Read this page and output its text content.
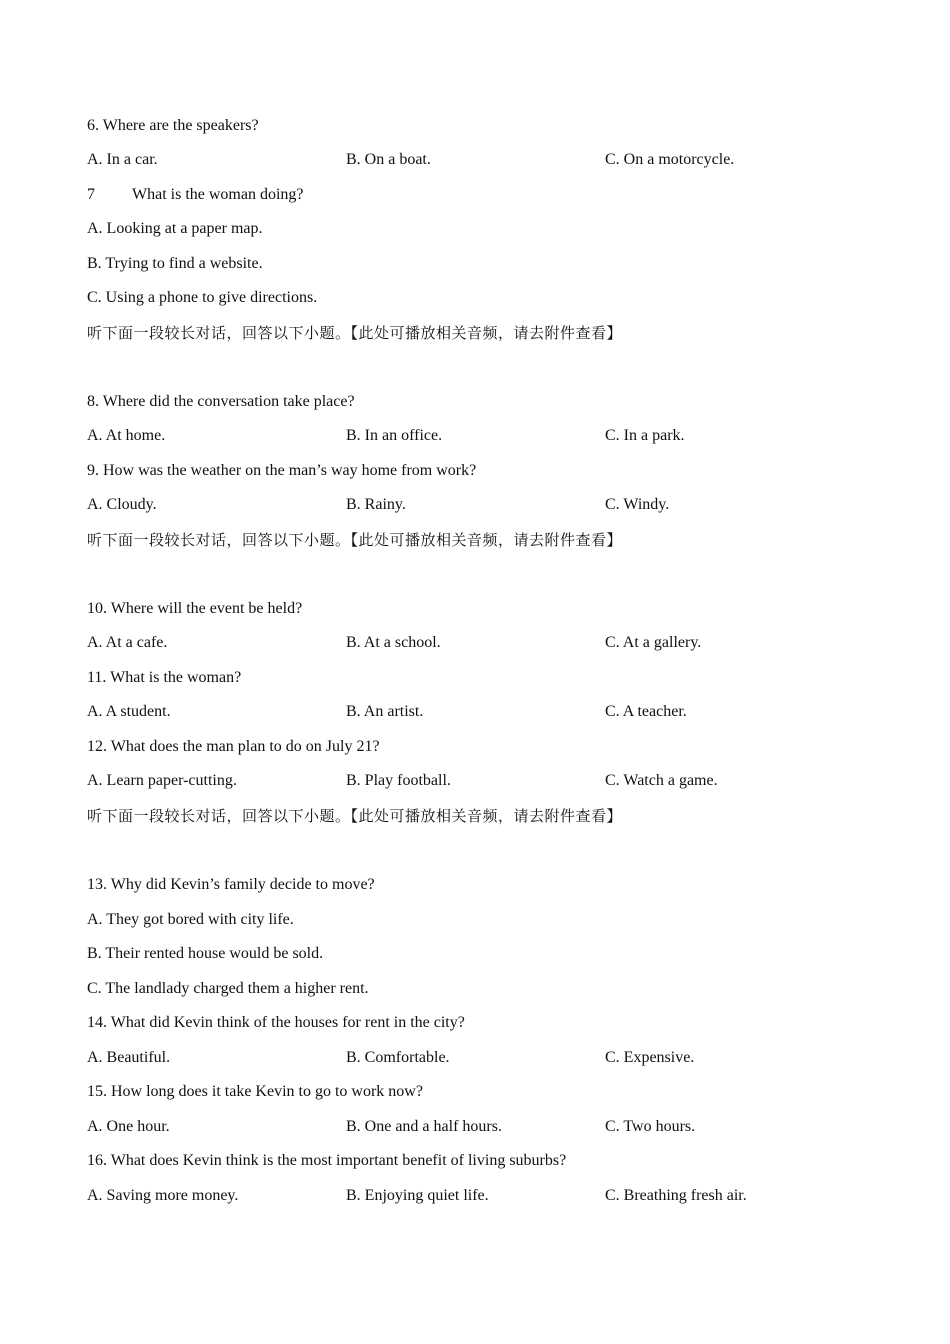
6. Where are the speakers?
A. In a car.	B. On a boat.	C. On a motorcycle.
7 What is the woman doing?
A. Looking at a paper map.
B. Trying to find a website.
C. Using a phone to give directions.
听下面一段较长对话，回答以下小题。【此处可播放相关音频，请去附件查看】
8. Where did the conversation take place?
A. At home.	B. In an office.	C. In a park.
9. How was the weather on the man’s way home from work?
A. Cloudy.	B. Rainy.	C. Windy.
听下面一段较长对话，回答以下小题。【此处可播放相关音频，请去附件查看】
10. Where will the event be held?
A. At a cafe.	B. At a school.	C. At a gallery.
11. What is the woman?
A. A student.	B. An artist.	C. A teacher.
12. What does the man plan to do on July 21?
A. Learn paper-cutting.	B. Play football.	C. Watch a game.
听下面一段较长对话，回答以下小题。【此处可播放相关音频，请去附件查看】
13. Why did Kevin’s family decide to move?
A. They got bored with city life.
B. Their rented house would be sold.
C. The landlady charged them a higher rent.
14. What did Kevin think of the houses for rent in the city?
A. Beautiful.	B. Comfortable.	C. Expensive.
15. How long does it take Kevin to go to work now?
A. One hour.	B. One and a half hours.	C. Two hours.
16. What does Kevin think is the most important benefit of living suburbs?
A. Saving more money.	B. Enjoying quiet life.	C. Breathing fresh air.
